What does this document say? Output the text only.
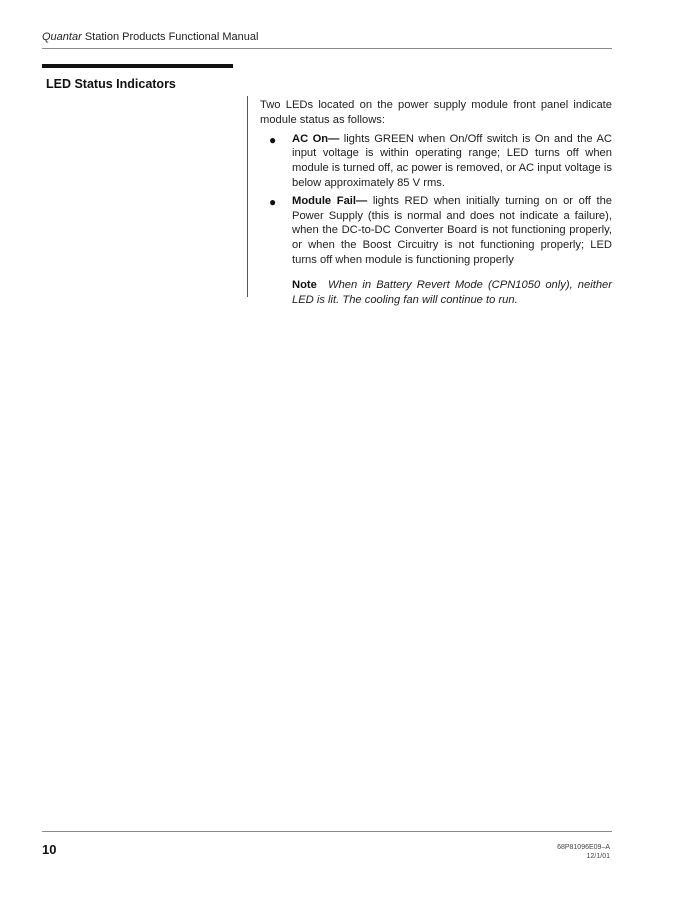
Quantar Station Products Functional Manual
LED Status Indicators

Two LEDs located on the power supply module front panel indicate module status as follows:

● AC On— lights GREEN when On/Off switch is On and the AC input voltage is within operating range; LED turns off when module is turned off, ac power is removed, or AC input voltage is below approximately 85 V rms.
● Module Fail— lights RED when initially turning on or off the Power Supply (this is normal and does not indicate a failure), when the DC-to-DC Converter Board is not functioning properly, or when the Boost Circuitry is not functioning properly; LED turns off when module is functioning properly
Note When in Battery Revert Mode (CPN1050 only), neither LED is lit. The cooling fan will continue to run.
10	68P81096E09–A
12/1/01
